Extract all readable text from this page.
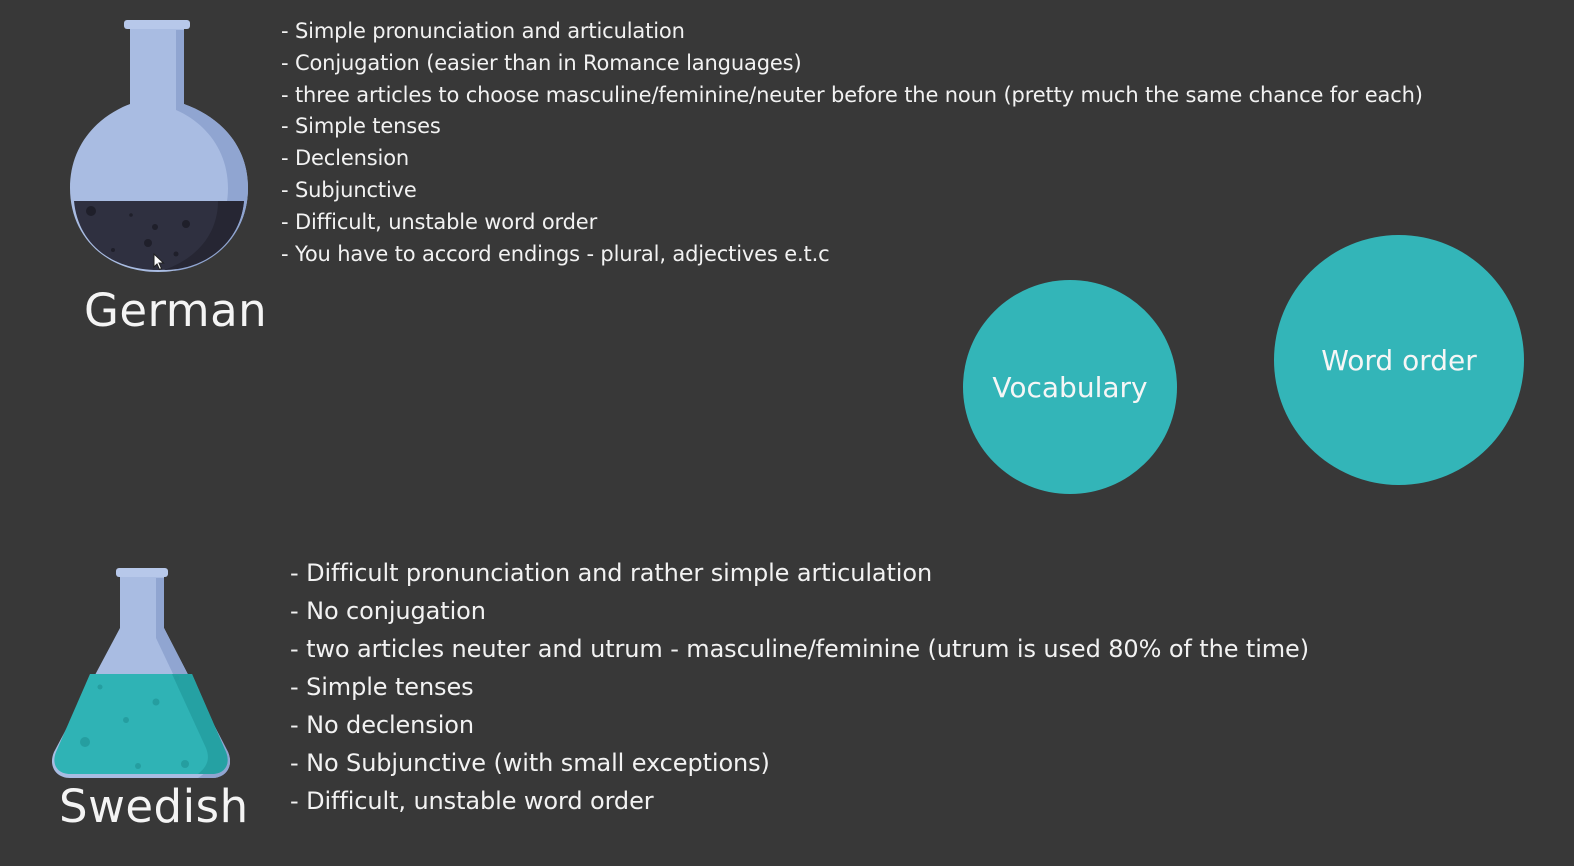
German
- Simple pronunciation and articulation
- Conjugation (easier than in Romance languages)
- three articles to choose masculine/feminine/neuter before the noun (pretty much the same chance for each)
- Simple tenses
- Declension
- Subjunctive
- Difficult, unstable word order
- You have to accord endings - plural, adjectives e.t.c
Vocabulary
Word order
Swedish
- Difficult pronunciation and rather simple articulation
- No conjugation
- two articles neuter and utrum - masculine/feminine (utrum is used 80% of the time)
- Simple tenses
- No declension
- No Subjunctive (with small exceptions)
- Difficult, unstable word order
